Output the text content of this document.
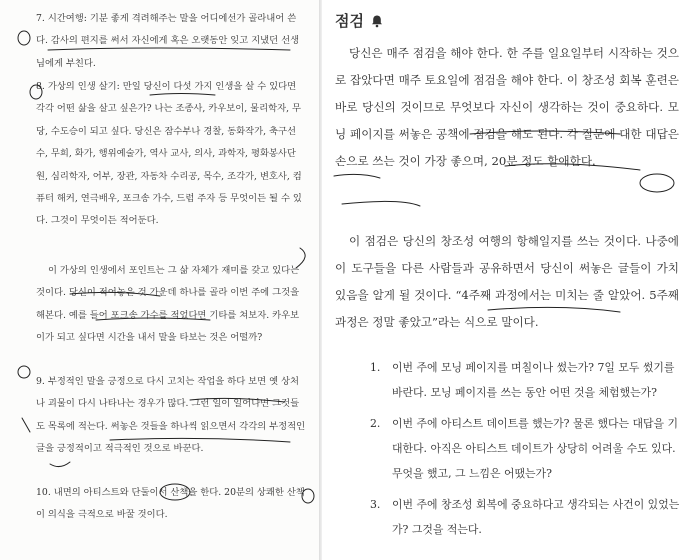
7. 시간여행: 기분 좋게 격려해주는 말을 어디에선가 골라내어 쓴다. 감사의 편지를 써서 자신에게 혹은 오랫동안 잊고 지냈던 선생님에게 부친다.

8. 가상의 인생 살기: 만일 당신이 다섯 가지 인생을 살 수 있다면 각각 어떤 삶을 살고 싶은가? 나는 조종사, 카우보이, 물리학자, 무당, 수도승이 되고 싶다. 당신은 잠수부나 경찰, 동화작가, 축구선수, 무희, 화가, 행위예술가, 역사 교사, 의사, 과학자, 평화봉사단원, 심리학자, 어부, 장관, 자동차 수리공, 목수, 조각가, 변호사, 컴퓨터 해커, 연극배우, 포크송 가수, 드럼 주자 등 무엇이든 될 수 있다. 그것이 무엇이든 적어둔다.

이 가상의 인생에서 포인트는 그 삶 자체가 재미를 갖고 있다는 것이다. 당신이 적어놓은 것 가운데 하나를 골라 이번 주에 그것을 해본다. 예를 들어 포크송 가수를 적었다면 기타를 쳐보자. 카우보이가 되고 싶다면 시간을 내서 말을 타보는 것은 어떨까?

9. 부정적인 말을 긍정으로 다시 고치는 작업을 하다 보면 옛 상처나 괴물이 다시 나타나는 경우가 많다. 그런 일이 일어나면 그것들도 목록에 적는다. 써놓은 것들을 하나씩 읽으면서 각각의 부정적인 글을 긍정적이고 적극적인 것으로 바꾼다.

10. 내면의 아티스트와 단둘이서 산책을 한다. 20분의 상쾌한 산책이 의식을 극적으로 바꿀 것이다.

점검

당신은 매주 점검을 해야 한다. 한 주를 일요일부터 시작하는 것으로 잡았다면 매주 토요일에 점검을 해야 한다. 이 창조성 회복 훈련은 바로 당신의 것이므로 무엇보다 자신이 생각하는 것이 중요하다. 모닝 페이지를 써놓은 공책에 점검을 해도 된다. 각 질문에 대한 대답은 손으로 쓰는 것이 가장 좋으며, 20분 정도 할애한다.

이 점검은 당신의 창조성 여행의 항해일지를 쓰는 것이다. 나중에 이 도구들을 다른 사람들과 공유하면서 당신이 써놓은 글들이 가치 있음을 알게 될 것이다. “4주째 과정에서는 미치는 줄 알았어. 5주째 과정은 정말 좋았고”라는 식으로 말이다.

1. 이번 주에 모닝 페이지를 며칠이나 썼는가? 7일 모두 썼기를 바란다. 모닝 페이지를 쓰는 동안 어떤 것을 체험했는가?
2. 이번 주에 아티스트 데이트를 했는가? 물론 했다는 대답을 기대한다. 아직은 아티스트 데이트가 상당히 어려울 수도 있다. 무엇을 했고, 그 느낌은 어땠는가?
3. 이번 주에 창조성 회복에 중요하다고 생각되는 사건이 있었는가? 그것을 적는다.
